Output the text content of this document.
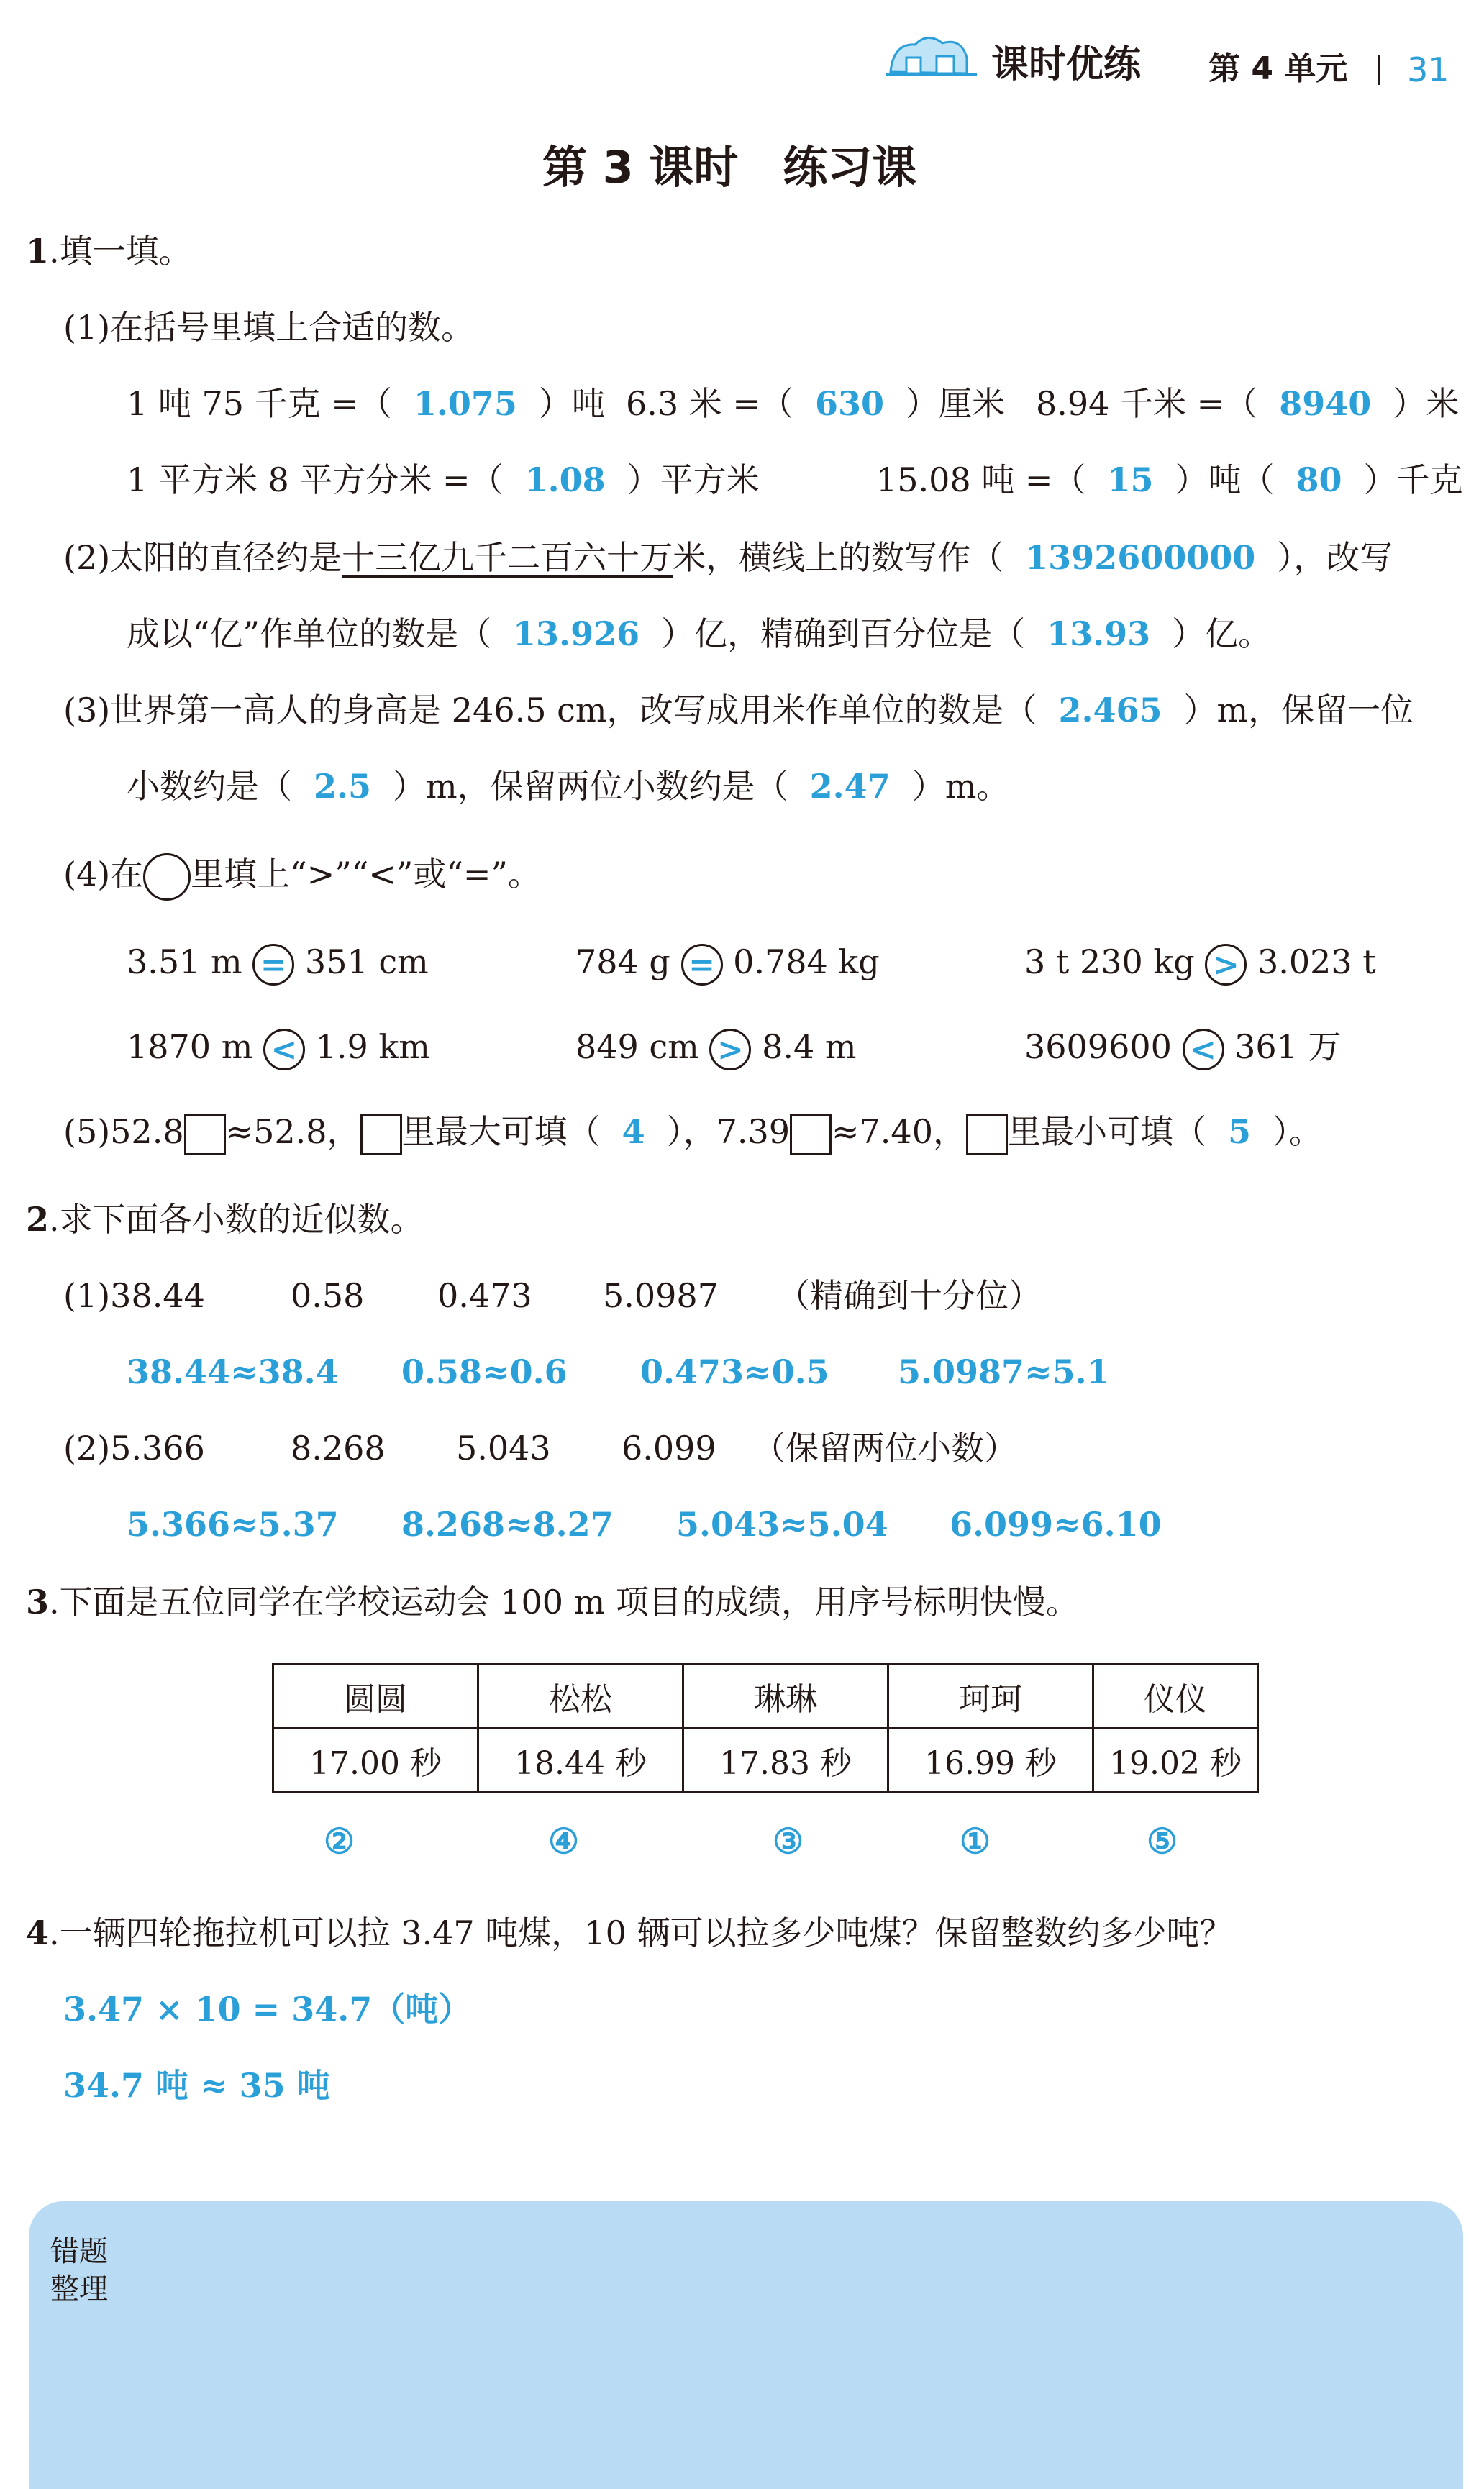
课时优练 第 4 单元 31
第 3 课时　练习课
1.填一填。
(1)在括号里填上合适的数。
1 吨 75 千克 =（ 1.075 ）吨 6.3 米 =（ 630 ）厘米 8.94 千米 =（ 8940 ）米
1 平方米 8 平方分米 =（ 1.08 ）平方米	15.08 吨 =（ 15 ）吨（ 80 ）千克
(2)太阳的直径约是十三亿九千二百六十万米，横线上的数写作（ 1392600000 ），改写
成以“亿”作单位的数是（ 13.926 ）亿，精确到百分位是（ 13.93 ）亿。
(3)世界第一高人的身高是 246.5 cm，改写成用米作单位的数是（ 2.465 ）m，保留一位
小数约是（ 2.5 ）m，保留两位小数约是（ 2.47 ）m。
(4)在 里填上“>”“<”或“=”。
3.51 m = 351 cm	784 g = 0.784 kg	3 t 230 kg > 3.023 t
1870 m < 1.9 km	849 cm > 8.4 m	3609600 < 361 万
(5)52.8 ≈52.8， 里最大可填（ 4 ），7.39 ≈7.40， 里最小可填（ 5 ）。
2.求下面各小数的近似数。
(1)38.44	0.58 0.473 5.0987 （精确到十分位）
38.44≈38.4 0.58≈0.6 0.473≈0.5 5.0987≈5.1
(2)5.366	8.268 5.043 6.099 （保留两位小数）
5.366≈5.37 8.268≈8.27 5.043≈5.04 6.099≈6.10
3.下面是五位同学在学校运动会 100 m 项目的成绩，用序号标明快慢。
圆圆	松松	琳琳	珂珂	仪仪
17.00 秒	18.44 秒	17.83 秒	16.99 秒	19.02 秒
②	④	③	①	⑤
4.一辆四轮拖拉机可以拉 3.47 吨煤，10 辆可以拉多少吨煤？保留整数约多少吨？
3.47 × 10 = 34.7（吨）
34.7 吨 ≈ 35 吨
错题
整理
